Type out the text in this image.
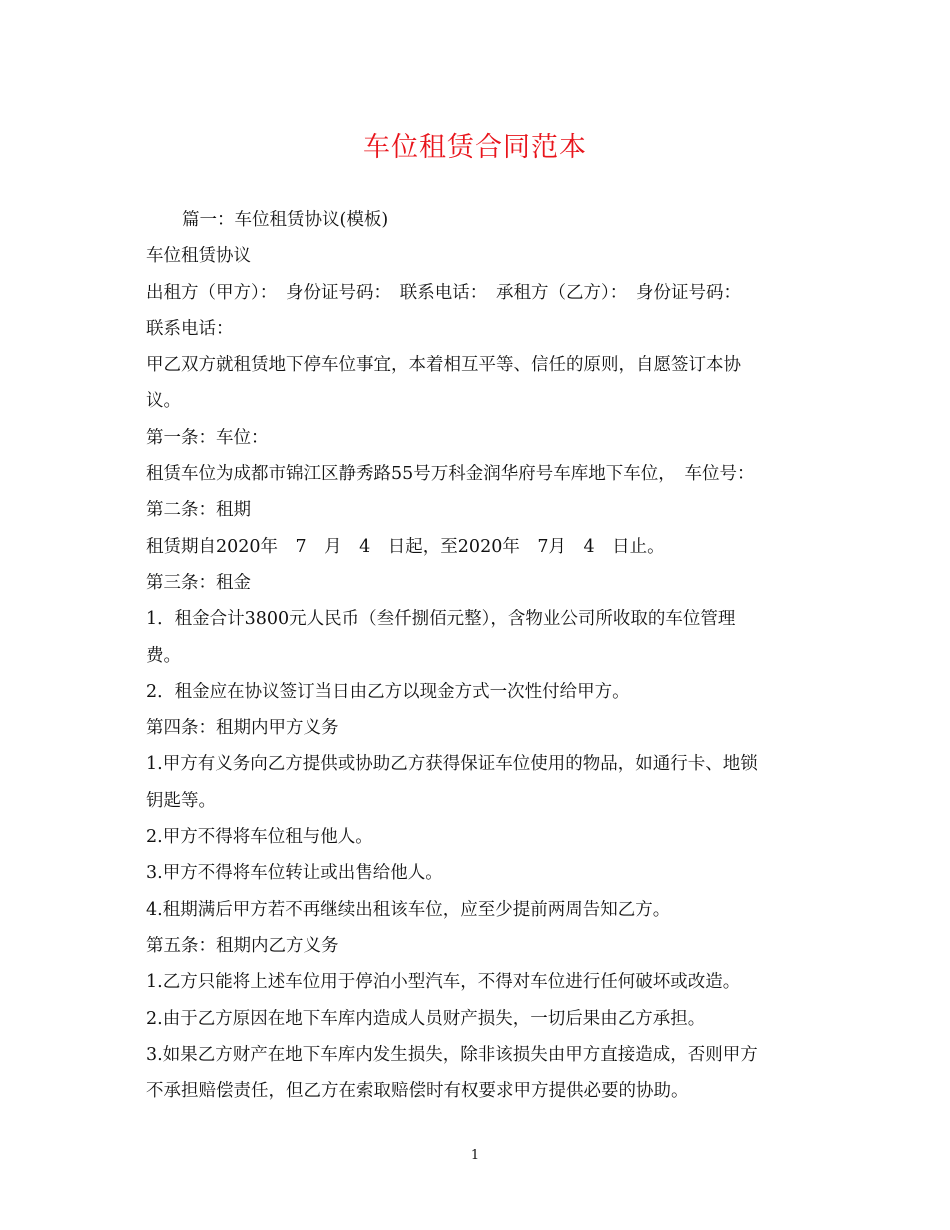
车位租赁合同范本
篇一：车位租赁协议(模板)
车位租赁协议
出租方（甲方）：　身份证号码：　联系电话：　承租方（乙方）：　身份证号码：
联系电话：
甲乙双方就租赁地下停车位事宜，本着相互平等、信任的原则，自愿签订本协
议。
第一条：车位：
租赁车位为成都市锦江区静秀路55号万科金润华府号车库地下车位，　车位号：
第二条：租期
租赁期自2020年　7　月　4　日起，至2020年　7月　4　日止。
第三条：租金
1．租金合计3800元人民币（叁仟捌佰元整），含物业公司所收取的车位管理
费。
2．租金应在协议签订当日由乙方以现金方式一次性付给甲方。
第四条：租期内甲方义务
1.甲方有义务向乙方提供或协助乙方获得保证车位使用的物品，如通行卡、地锁
钥匙等。
2.甲方不得将车位租与他人。
3.甲方不得将车位转让或出售给他人。
4.租期满后甲方若不再继续出租该车位，应至少提前两周告知乙方。
第五条：租期内乙方义务
1.乙方只能将上述车位用于停泊小型汽车，不得对车位进行任何破坏或改造。
2.由于乙方原因在地下车库内造成人员财产损失，一切后果由乙方承担。
3.如果乙方财产在地下车库内发生损失，除非该损失由甲方直接造成，否则甲方
不承担赔偿责任，但乙方在索取赔偿时有权要求甲方提供必要的协助。
1
